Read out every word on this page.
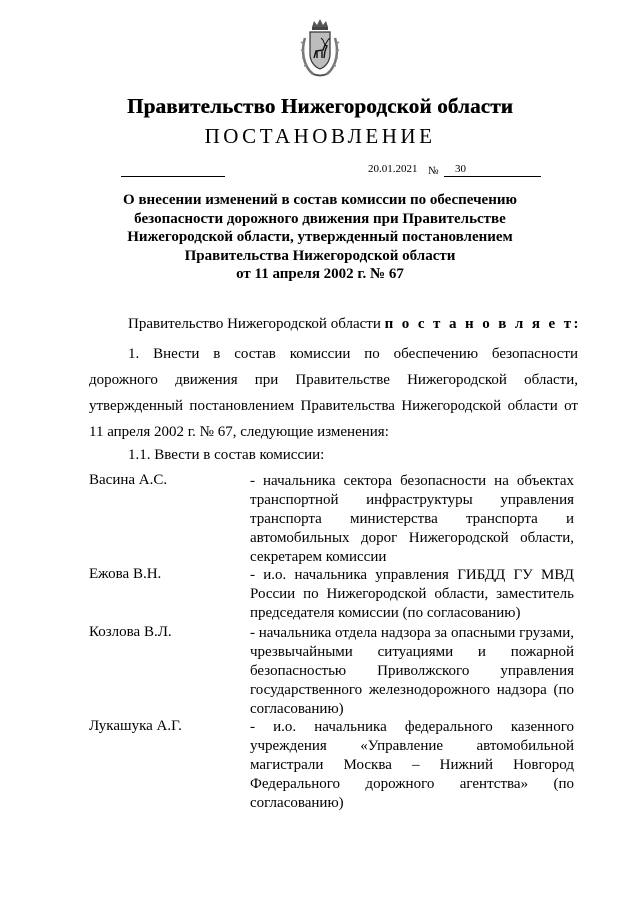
Правительство Нижегородской области
ПОСТАНОВЛЕНИЕ
20.01.2021 № 30
О внесении изменений в состав комиссии по обеспечению
безопасности дорожного движения при Правительстве
Нижегородской области, утвержденный постановлением
Правительства Нижегородской области
от 11 апреля 2002 г. № 67
Правительство Нижегородской области п о с т а н о в л я е т:
1. Внести в состав комиссии по обеспечению безопасности дорожного движения при Правительстве Нижегородской области, утвержденный постановлением Правительства Нижегородской области от 11 апреля 2002 г. № 67, следующие изменения:
1.1. Ввести в состав комиссии:
Васина А.С.	- начальника сектора безопасности на объектах транспортной инфраструктуры управления транспорта министерства транспорта и автомобильных дорог Нижегородской области, секретарем комиссии
Ежова В.Н.	- и.о. начальника управления ГИБДД ГУ МВД России по Нижегородской области, заместитель председателя комиссии (по согласованию)
Козлова В.Л.	- начальника отдела надзора за опасными грузами, чрезвычайными ситуациями и пожарной безопасностью Приволжского управления государственного железнодорожного надзора (по согласованию)
Лукашука А.Г.	- и.о. начальника федерального казенного учреждения «Управление автомобильной магистрали Москва – Нижний Новгород Федерального дорожного агентства» (по согласованию)
